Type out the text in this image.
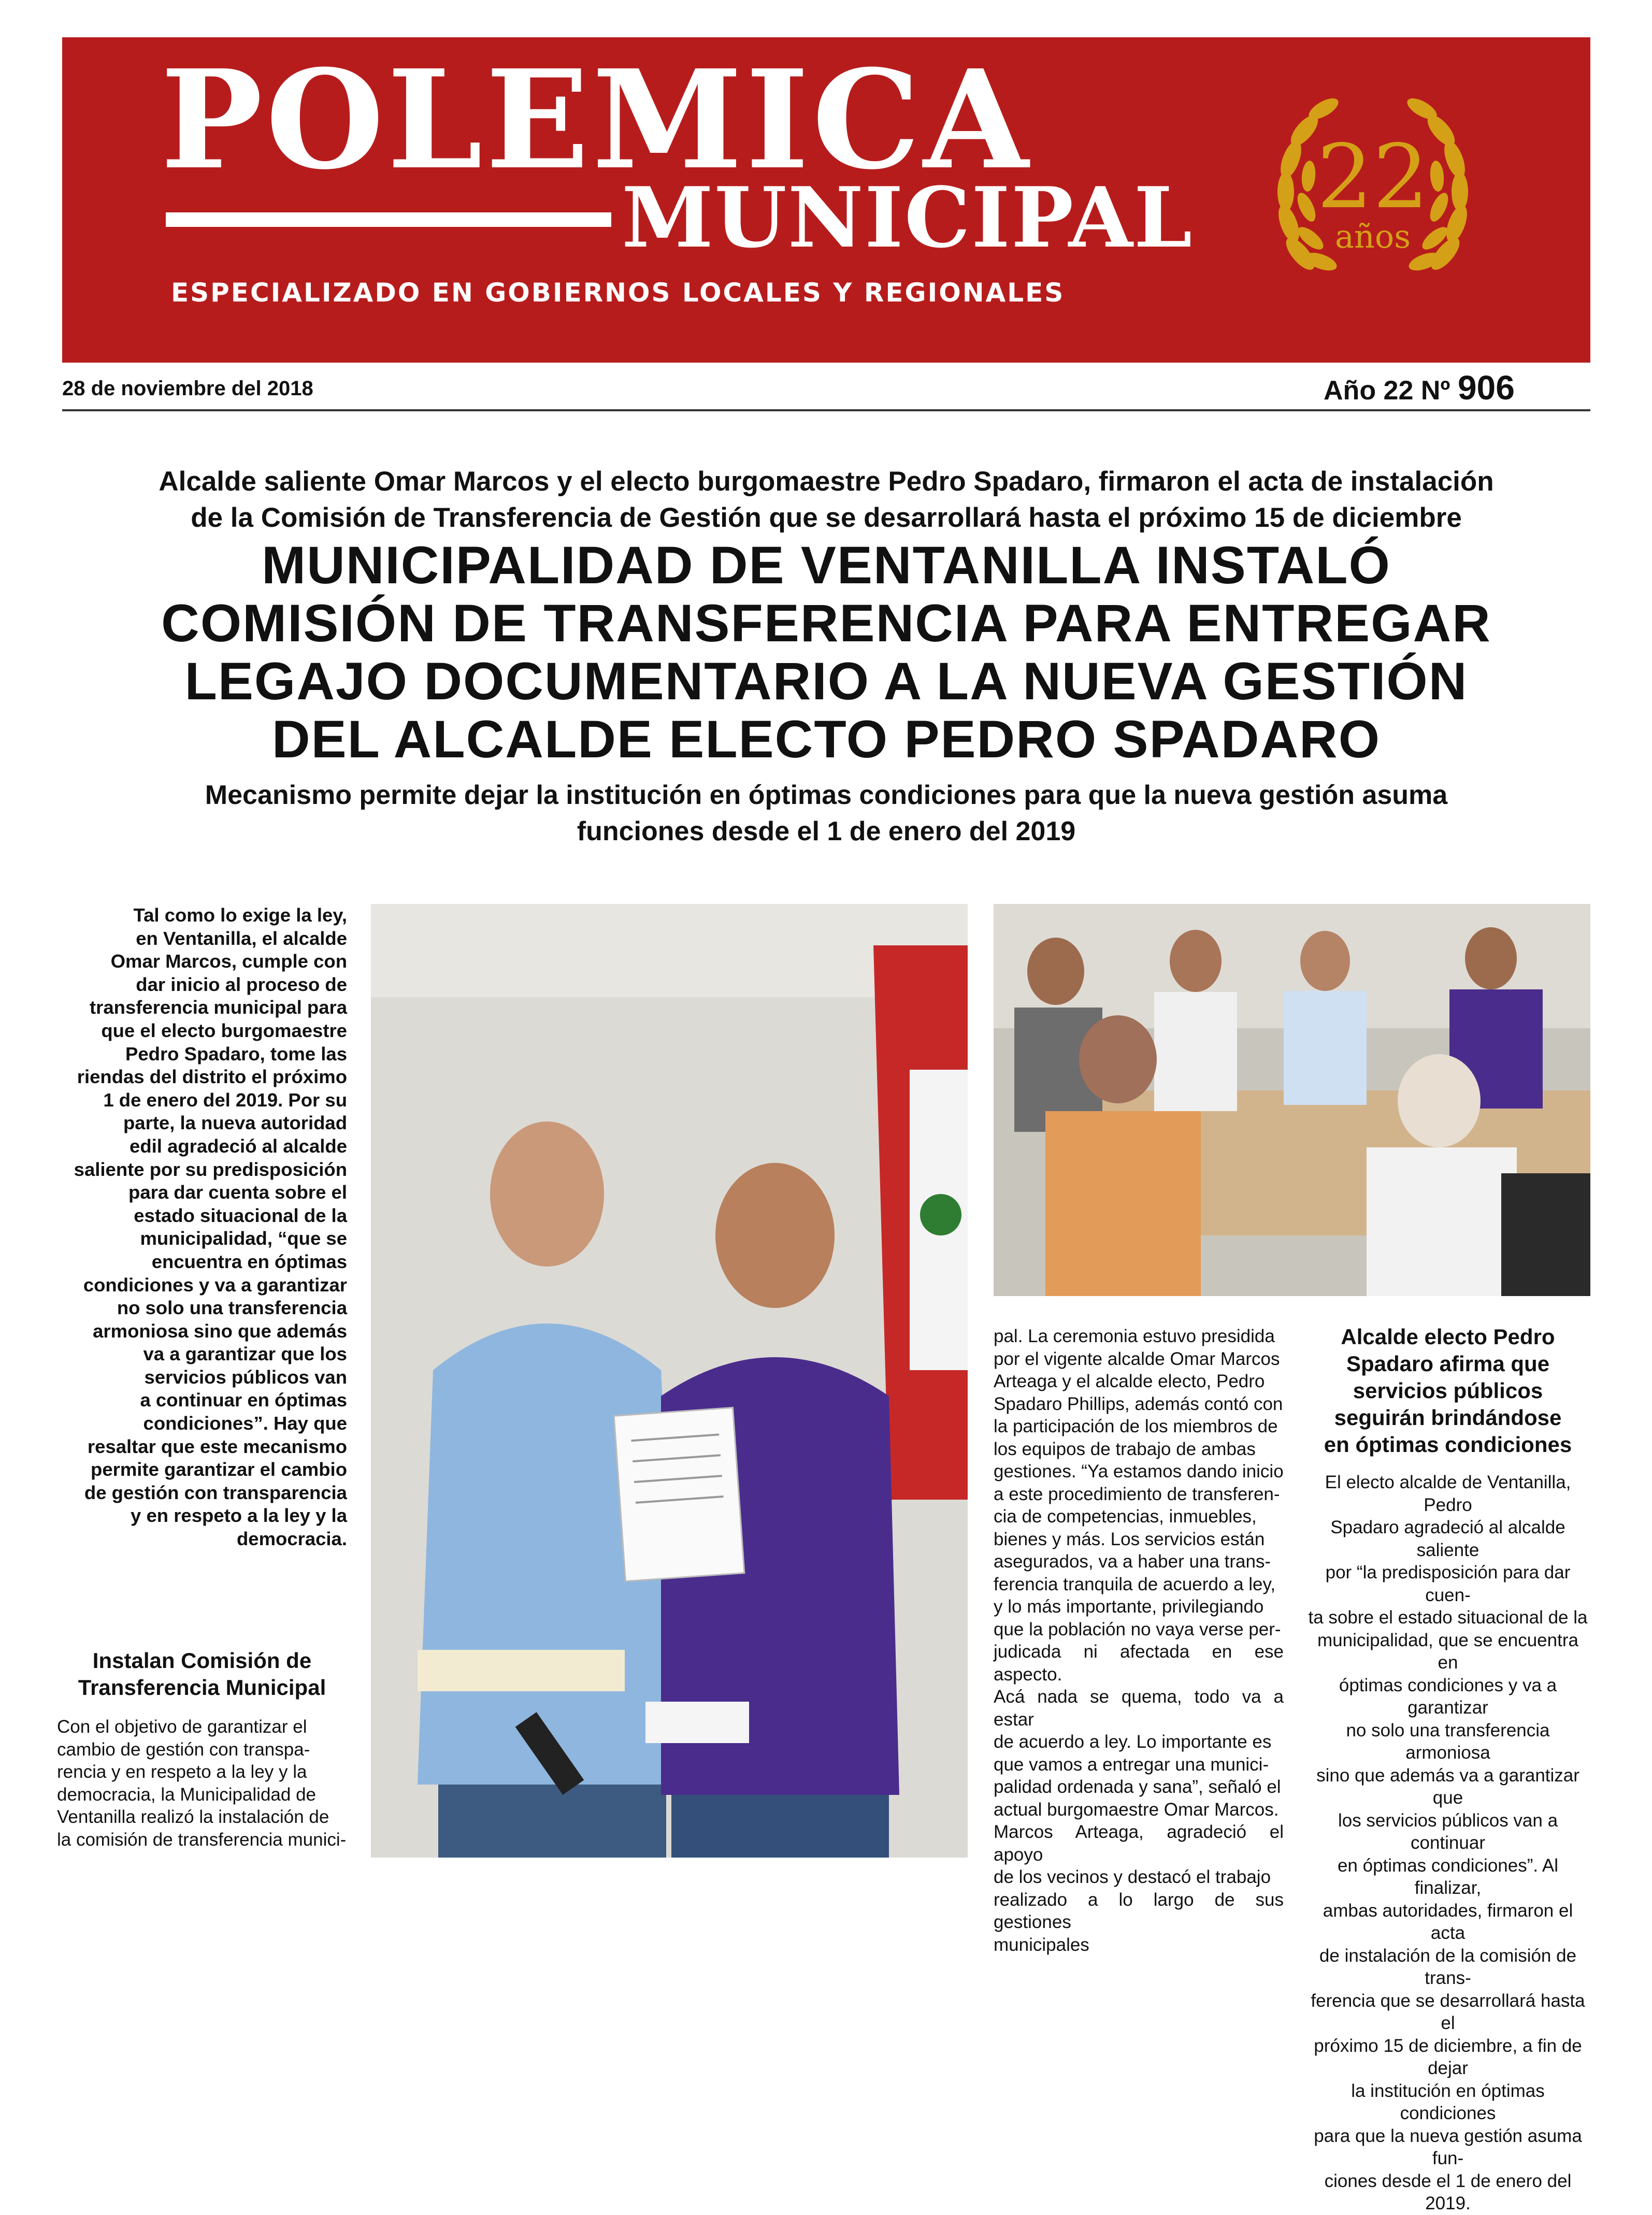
POLEMICA
MUNICIPAL
ESPECIALIZADO EN GOBIERNOS LOCALES Y REGIONALES
22
años
28 de noviembre del 2018	Año 22 Nº 906
Alcalde saliente Omar Marcos y el electo burgomaestre Pedro Spadaro, firmaron el acta de instalación
de la Comisión de Transferencia de Gestión que se desarrollará hasta el próximo 15 de diciembre
MUNICIPALIDAD DE VENTANILLA INSTALÓ
COMISIÓN DE TRANSFERENCIA PARA ENTREGAR
LEGAJO DOCUMENTARIO A LA NUEVA GESTIÓN
DEL ALCALDE ELECTO PEDRO SPADARO
Mecanismo permite dejar la institución en óptimas condiciones para que la nueva gestión asuma
funciones desde el 1 de enero del 2019
Tal como lo exige la ley,
en Ventanilla, el alcalde
Omar Marcos, cumple con
dar inicio al proceso de
transferencia municipal para
que el electo burgomaestre
Pedro Spadaro, tome las
riendas del distrito el próximo
1 de enero del 2019. Por su
parte, la nueva autoridad
edil agradeció al alcalde
saliente por su predisposición
para dar cuenta sobre el
estado situacional de la
municipalidad, “que se
encuentra en óptimas
condiciones y va a garantizar
no solo una transferencia
armoniosa sino que además
va a garantizar que los
servicios públicos van
a continuar en óptimas
condiciones”. Hay que
resaltar que este mecanismo
permite garantizar el cambio
de gestión con transparencia
y en respeto a la ley y la
democracia.
Instalan Comisión de
Transferencia Municipal
Con el objetivo de garantizar el
cambio de gestión con transpa-
rencia y en respeto a la ley y la
democracia, la Municipalidad de
Ventanilla realizó la instalación de
la comisión de transferencia munici-
pal. La ceremonia estuvo presidida
por el vigente alcalde Omar Marcos
Arteaga y el alcalde electo, Pedro
Spadaro Phillips, además contó con
la participación de los miembros de
los equipos de trabajo de ambas
gestiones. “Ya estamos dando inicio
a este procedimiento de transferen-
cia de competencias, inmuebles,
bienes y más. Los servicios están
asegurados, va a haber una trans-
ferencia tranquila de acuerdo a ley,
y lo más importante, privilegiando
que la población no vaya verse per-
judicada ni afectada en ese aspecto.
Acá nada se quema, todo va a estar
de acuerdo a ley. Lo importante es
que vamos a entregar una munici-
palidad ordenada y sana”, señaló el
actual burgomaestre Omar Marcos.
Marcos Arteaga, agradeció el apoyo
de los vecinos y destacó el trabajo
realizado a lo largo de sus gestiones
municipales
Alcalde electo Pedro
Spadaro afirma que
servicios públicos
seguirán brindándose
en óptimas condiciones
El electo alcalde de Ventanilla, Pedro
Spadaro agradeció al alcalde saliente
por “la predisposición para dar cuen-
ta sobre el estado situacional de la
municipalidad, que se encuentra en
óptimas condiciones y va a garantizar
no solo una transferencia armoniosa
sino que además va a garantizar que
los servicios públicos van a continuar
en óptimas condiciones”. Al finalizar,
ambas autoridades, firmaron el acta
de instalación de la comisión de trans-
ferencia que se desarrollará hasta el
próximo 15 de diciembre, a fin de dejar
la institución en óptimas condiciones
para que la nueva gestión asuma fun-
ciones desde el 1 de enero del 2019.
